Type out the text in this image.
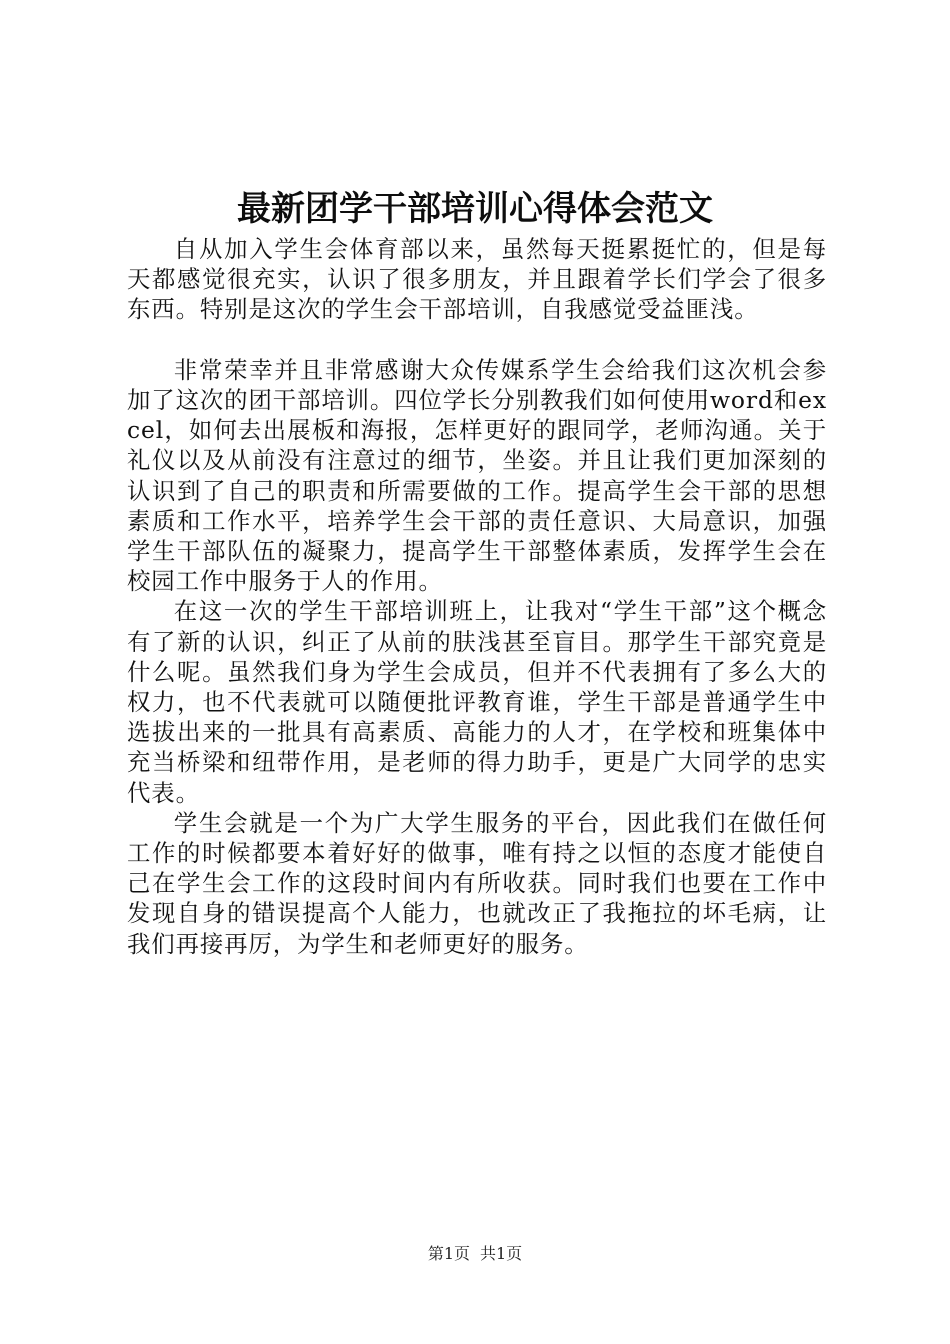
最新团学干部培训心得体会范文

自从加入学生会体育部以来，虽然每天挺累挺忙的，但是每天都感觉很充实，认识了很多朋友，并且跟着学长们学会了很多东西。特别是这次的学生会干部培训，自我感觉受益匪浅。

非常荣幸并且非常感谢大众传媒系学生会给我们这次机会参加了这次的团干部培训。四位学长分别教我们如何使用word和excel，如何去出展板和海报，怎样更好的跟同学，老师沟通。关于礼仪以及从前没有注意过的细节，坐姿。并且让我们更加深刻的认识到了自己的职责和所需要做的工作。提高学生会干部的思想素质和工作水平，培养学生会干部的责任意识、大局意识，加强学生干部队伍的凝聚力，提高学生干部整体素质，发挥学生会在校园工作中服务于人的作用。

在这一次的学生干部培训班上，让我对“学生干部”这个概念有了新的认识，纠正了从前的肤浅甚至盲目。那学生干部究竟是什么呢。虽然我们身为学生会成员，但并不代表拥有了多么大的权力，也不代表就可以随便批评教育谁，学生干部是普通学生中选拔出来的一批具有高素质、高能力的人才，在学校和班集体中充当桥梁和纽带作用，是老师的得力助手，更是广大同学的忠实代表。

学生会就是一个为广大学生服务的平台，因此我们在做任何工作的时候都要本着好好的做事，唯有持之以恒的态度才能使自己在学生会工作的这段时间内有所收获。同时我们也要在工作中发现自身的错误提高个人能力，也就改正了我拖拉的坏毛病，让我们再接再厉，为学生和老师更好的服务。

第1页 共1页
